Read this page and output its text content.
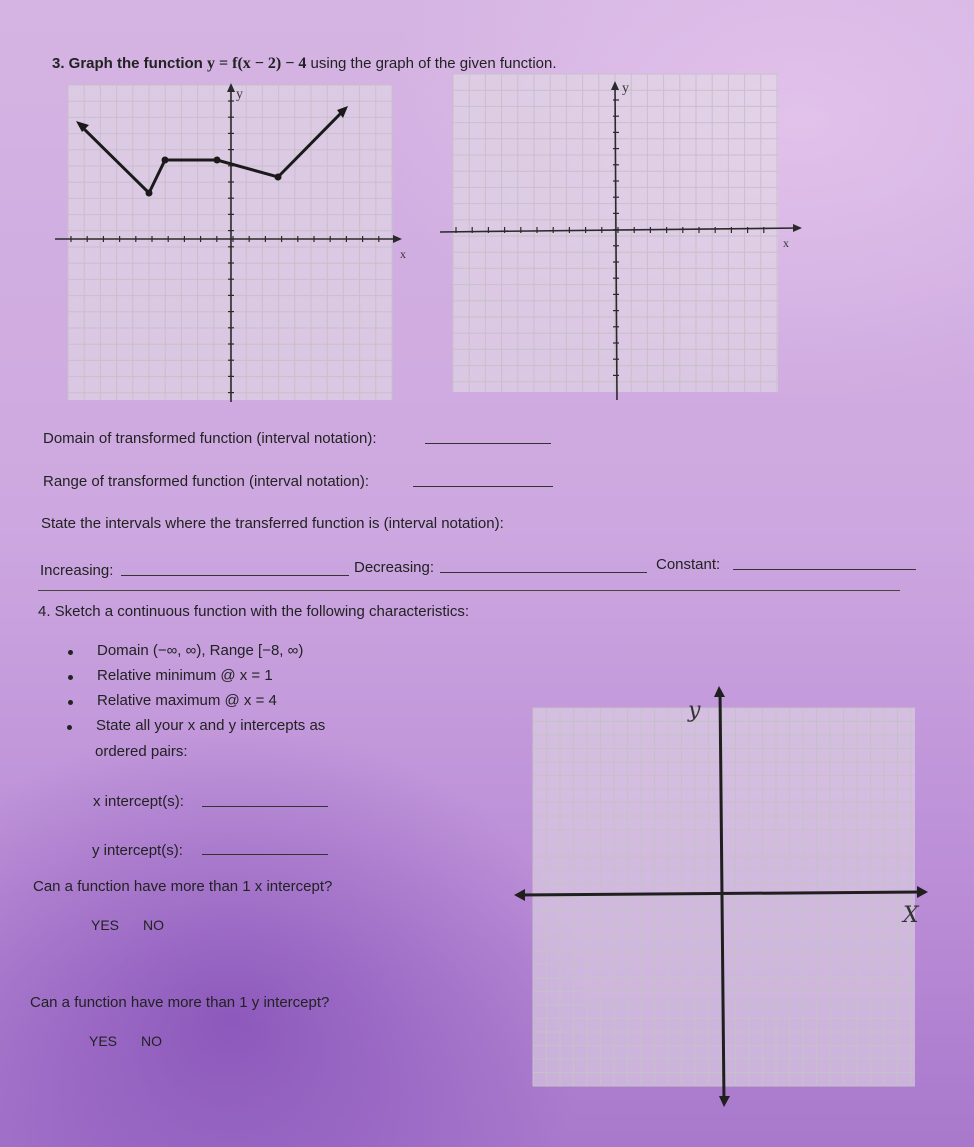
3. Graph the function y = f(x − 2) − 4 using the graph of the given function.
y
x
y
x
y
X
Domain of transformed function (interval notation):
Range of transformed function (interval notation):
State the intervals where the transferred function is (interval notation):
Increasing:	Decreasing:	Constant:
4. Sketch a continuous function with the following characteristics:
Domain (−∞, ∞), Range [−8, ∞)
Relative minimum @ x = 1
Relative maximum @ x = 4
State all your x and y intercepts as
ordered pairs:
x intercept(s):
y intercept(s):
Can a function have more than 1 x intercept?
YES NO
Can a function have more than 1 y intercept?
YES NO
